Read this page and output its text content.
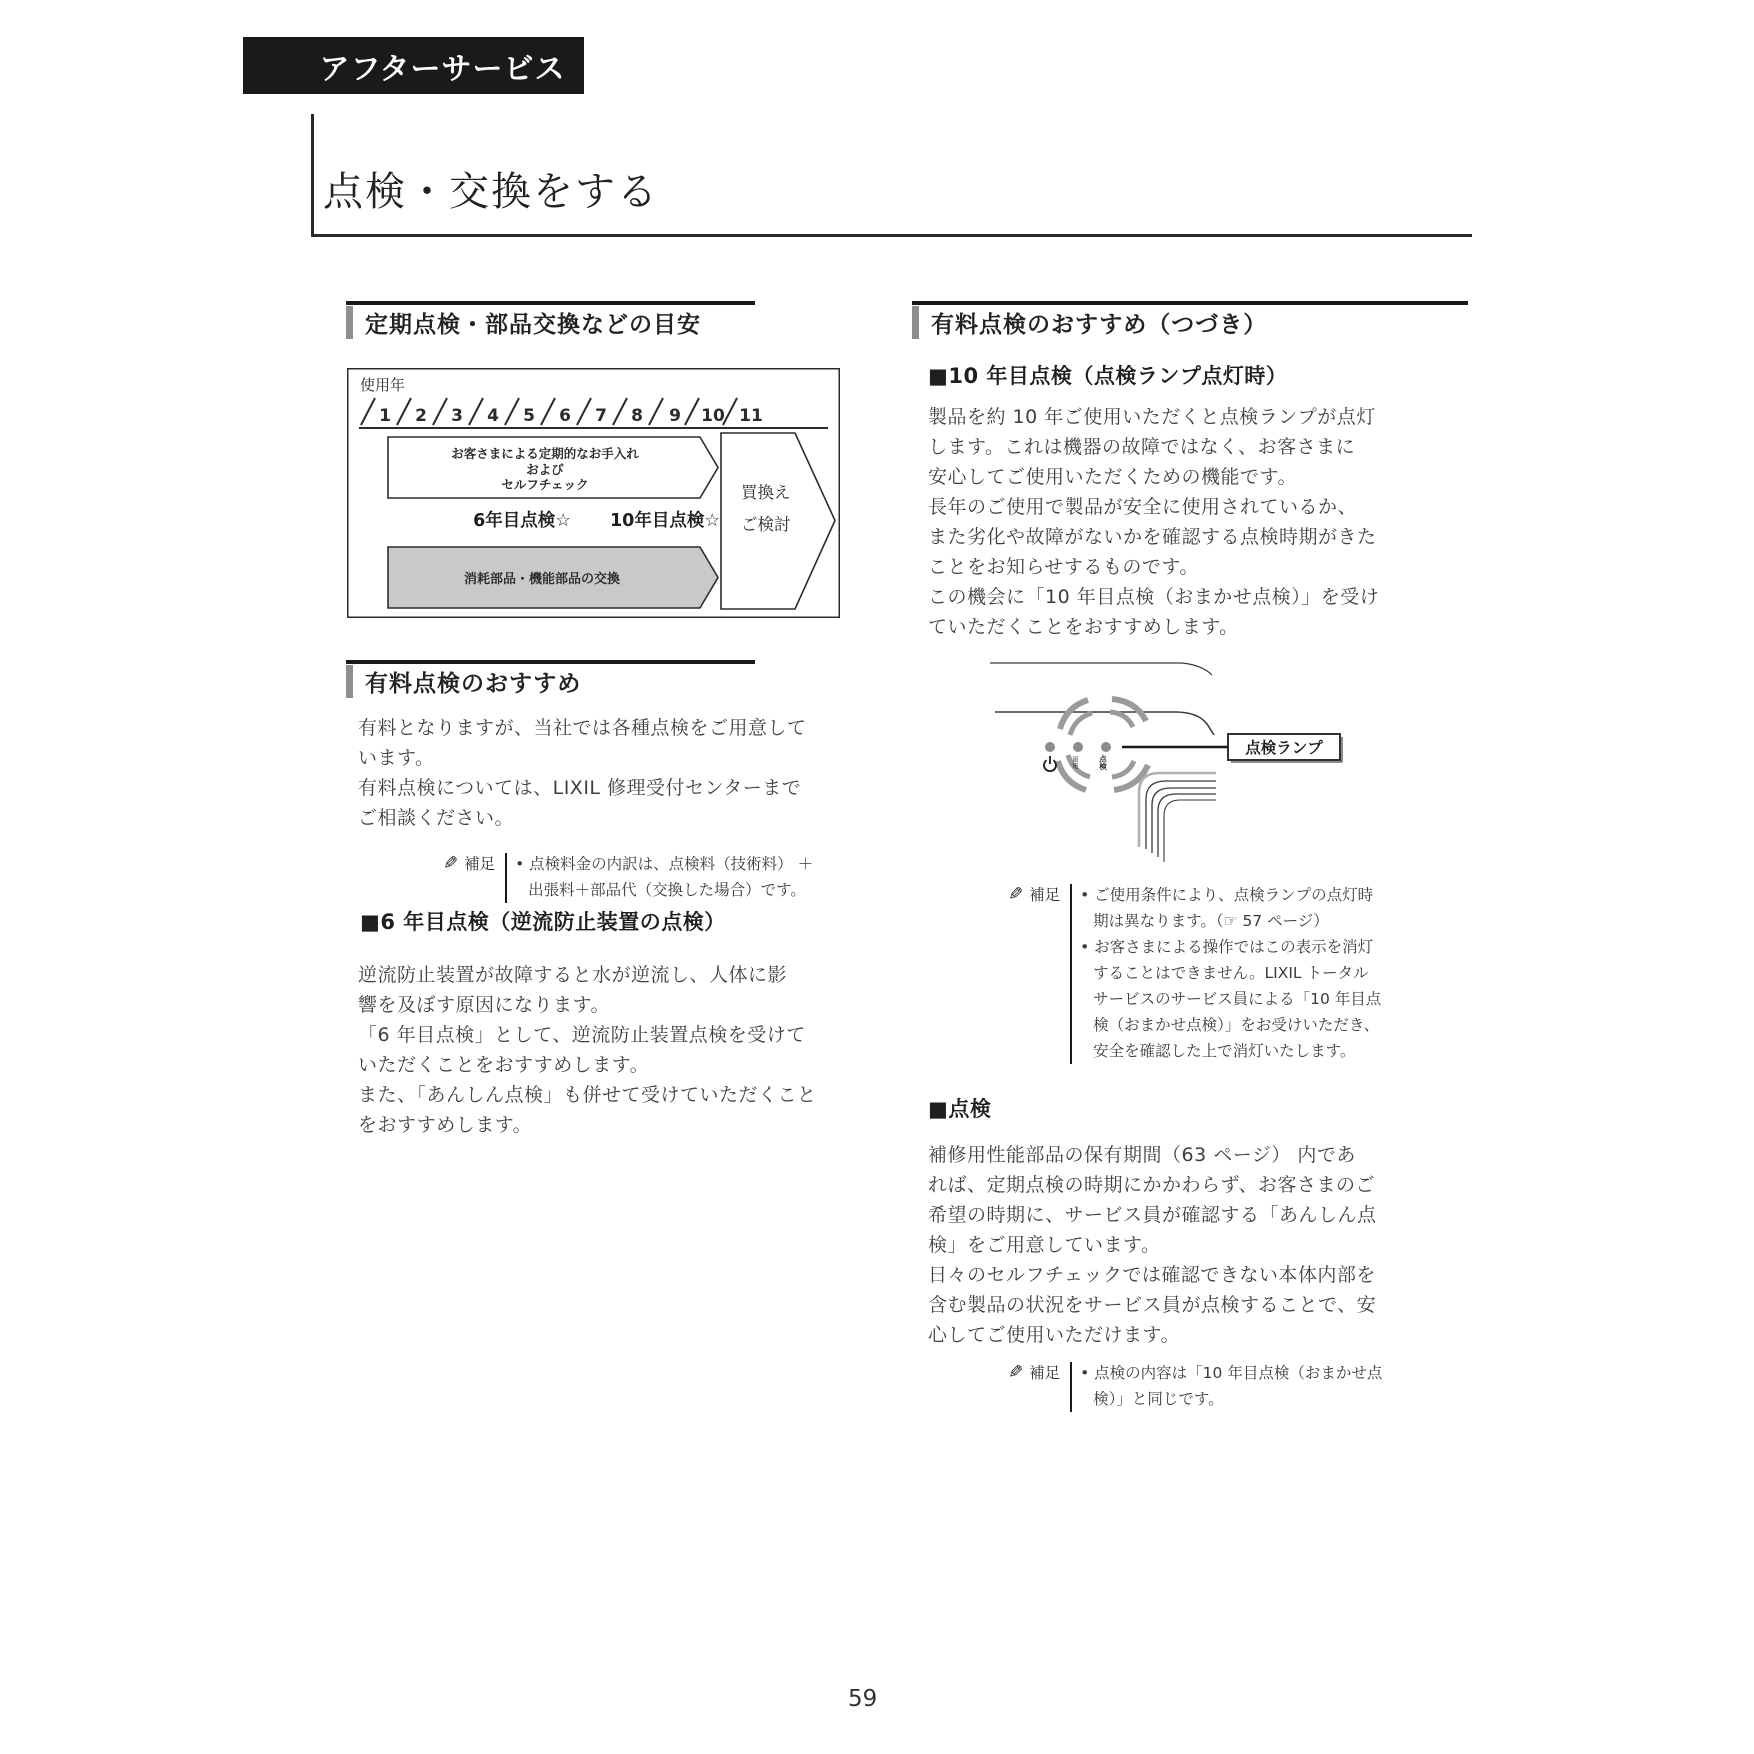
アフターサービス
点検・交換をする
定期点検・部品交換などの目安
使用年
1 2 3 4 5 6 7 8 9 10 11
お客さまによる定期的なお手入れ
および
セルフチェック
6年目点検☆ 10年目点検☆
消耗部品・機能部品の交換
買換え
ご検討
有料点検のおすすめ
有料となりますが、当社では各種点検をご用意して
います。
有料点検については、LIXIL 修理受付センターまで
ご相談ください。
✎ 補足 • 点検料金の内訳は、点検料（技術料） ＋
出張料＋部品代（交換した場合）です。
■6 年目点検（逆流防止装置の点検）
逆流防止装置が故障すると水が逆流し、人体に影
響を及ぼす原因になります。
「6 年目点検」として、逆流防止装置点検を受けて
いただくことをおすすめします。
また、「あんしん点検」も併せて受けていただくこと
をおすすめします。
有料点検のおすすめ（つづき）
■10 年目点検（点検ランプ点灯時）
製品を約 10 年ご使用いただくと点検ランプが点灯
します。これは機器の故障ではなく、お客さまに
安心してご使用いただくための機能です。
長年のご使用で製品が安全に使用されているか、
また劣化や故障がないかを確認する点検時期がきた
ことをお知らせするものです。
この機会に「10 年目点検（おまかせ点検）」を受け
ていただくことをおすすめします。
節電	点検
点検ランプ
✎ 補足 • ご使用条件により、点検ランプの点灯時
期は異なります。（☞ 57 ページ）
• お客さまによる操作ではこの表示を消灯
することはできません。LIXIL トータル
サービスのサービス員による「10 年目点
検（おまかせ点検）」をお受けいただき、
安全を確認した上で消灯いたします。
■点検
補修用性能部品の保有期間（63 ページ） 内であ
れば、定期点検の時期にかかわらず、お客さまのご
希望の時期に、サービス員が確認する「あんしん点
検」をご用意しています。
日々のセルフチェックでは確認できない本体内部を
含む製品の状況をサービス員が点検することで、安
心してご使用いただけます。
✎ 補足 • 点検の内容は「10 年目点検（おまかせ点
検）」と同じです。
59
